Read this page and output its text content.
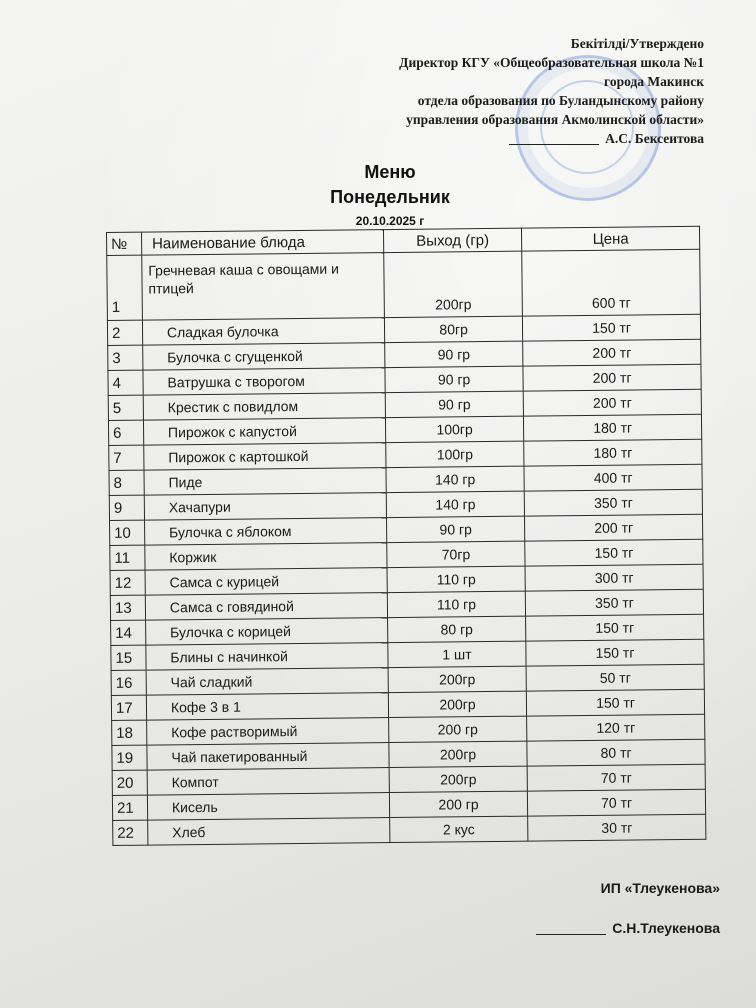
Бекітілді/Утверждено
Директор КГУ «Общеобразовательная школа №1
города Макинск
отдела образования по Буландынскому району
управления образования Акмолинской области»
А.С. Бексеитова
Меню
Понедельник
20.10.2025 г
№	Наименование блюда	Выход (гр)	Цена
1	Гречневая каша с овощами и птицей	200гр	600 тг
2	Сладкая булочка	80гр	150 тг
3	Булочка с сгущенкой	90 гр	200 тг
4	Ватрушка с творогом	90 гр	200 тг
5	Крестик с повидлом	90 гр	200 тг
6	Пирожок с капустой	100гр	180 тг
7	Пирожок с картошкой	100гр	180 тг
8	Пиде	140 гр	400 тг
9	Хачапури	140 гр	350 тг
10	Булочка с яблоком	90 гр	200 тг
11	Коржик	70гр	150 тг
12	Самса с курицей	110 гр	300 тг
13	Самса с говядиной	110 гр	350 тг
14	Булочка с корицей	80 гр	150 тг
15	Блины с начинкой	1 шт	150 тг
16	Чай сладкий	200гр	50 тг
17	Кофе 3 в 1	200гр	150 тг
18	Кофе растворимый	200 гр	120 тг
19	Чай пакетированный	200гр	80 тг
20	Компот	200гр	70 тг
21	Кисель	200 гр	70 тг
22	Хлеб	2 кус	30 тг
ИП «Тлеукенова»
С.Н.Тлеукенова
